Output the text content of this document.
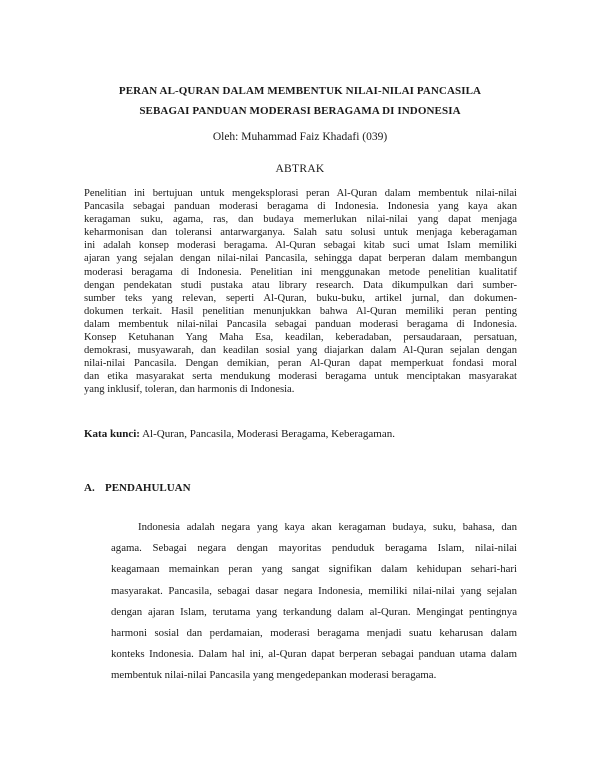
PERAN AL-QURAN DALAM MEMBENTUK NILAI-NILAI PANCASILA
SEBAGAI PANDUAN MODERASI BERAGAMA DI INDONESIA
Oleh: Muhammad Faiz Khadafi (039)
ABTRAK
Penelitian ini bertujuan untuk mengeksplorasi peran Al-Quran dalam membentuk nilai-nilai
Pancasila sebagai panduan moderasi beragama di Indonesia. Indonesia yang kaya akan
keragaman suku, agama, ras, dan budaya memerlukan nilai-nilai yang dapat menjaga
keharmonisan dan toleransi antarwarganya. Salah satu solusi untuk menjaga keberagaman
ini adalah konsep moderasi beragama. Al-Quran sebagai kitab suci umat Islam memiliki
ajaran yang sejalan dengan nilai-nilai Pancasila, sehingga dapat berperan dalam membangun
moderasi beragama di Indonesia. Penelitian ini menggunakan metode penelitian kualitatif
dengan pendekatan studi pustaka atau library research. Data dikumpulkan dari sumber-
sumber teks yang relevan, seperti Al-Quran, buku-buku, artikel jurnal, dan dokumen-
dokumen terkait. Hasil penelitian menunjukkan bahwa Al-Quran memiliki peran penting
dalam membentuk nilai-nilai Pancasila sebagai panduan moderasi beragama di Indonesia.
Konsep Ketuhanan Yang Maha Esa, keadilan, keberadaban, persaudaraan, persatuan,
demokrasi, musyawarah, dan keadilan sosial yang diajarkan dalam Al-Quran sejalan dengan
nilai-nilai Pancasila. Dengan demikian, peran Al-Quran dapat memperkuat fondasi moral
dan etika masyarakat serta mendukung moderasi beragama untuk menciptakan masyarakat
yang inklusif, toleran, dan harmonis di Indonesia.
Kata kunci: Al-Quran, Pancasila, Moderasi Beragama, Keberagaman.
A. PENDAHULUAN
Indonesia adalah negara yang kaya akan keragaman budaya, suku, bahasa, dan
agama. Sebagai negara dengan mayoritas penduduk beragama Islam, nilai-nilai
keagamaan memainkan peran yang sangat signifikan dalam kehidupan sehari-hari
masyarakat. Pancasila, sebagai dasar negara Indonesia, memiliki nilai-nilai yang sejalan
dengan ajaran Islam, terutama yang terkandung dalam al-Quran. Mengingat pentingnya
harmoni sosial dan perdamaian, moderasi beragama menjadi suatu keharusan dalam
konteks Indonesia. Dalam hal ini, al-Quran dapat berperan sebagai panduan utama dalam
membentuk nilai-nilai Pancasila yang mengedepankan moderasi beragama.
